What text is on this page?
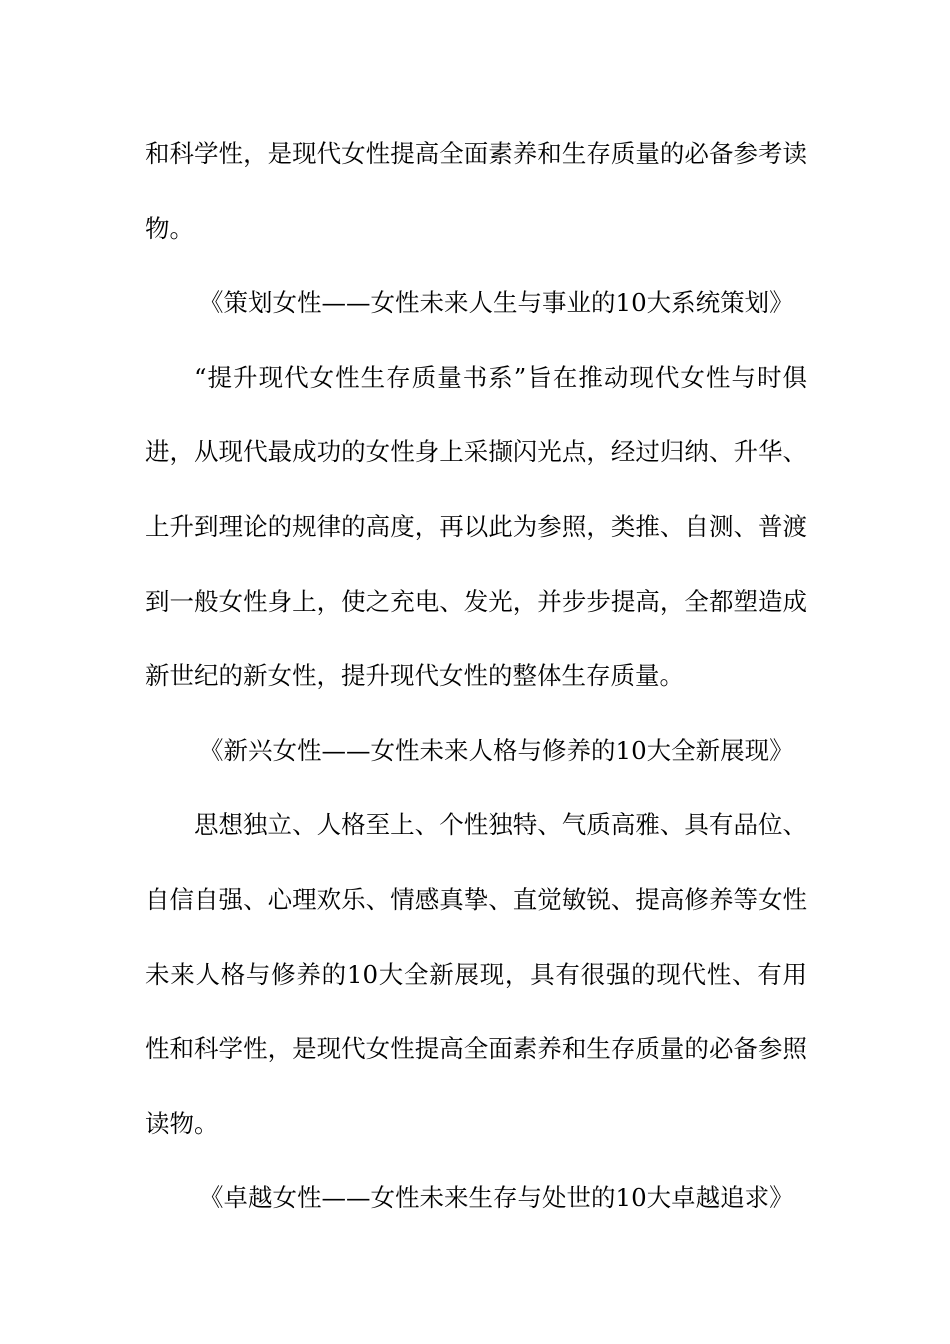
和科学性，是现代女性提高全面素养和生存质量的必备参考读物。

《策划女性——女性未来人生与事业的10大系统策划》

“提升现代女性生存质量书系”旨在推动现代女性与时俱进，从现代最成功的女性身上采撷闪光点，经过归纳、升华、上升到理论的规律的高度，再以此为参照，类推、自测、普渡到一般女性身上，使之充电、发光，并步步提高，全都塑造成新世纪的新女性，提升现代女性的整体生存质量。

《新兴女性——女性未来人格与修养的10大全新展现》

思想独立、人格至上、个性独特、气质高雅、具有品位、自信自强、心理欢乐、情感真挚、直觉敏锐、提高修养等女性未来人格与修养的10大全新展现，具有很强的现代性、有用性和科学性，是现代女性提高全面素养和生存质量的必备参照读物。

《卓越女性——女性未来生存与处世的10大卓越追求》
